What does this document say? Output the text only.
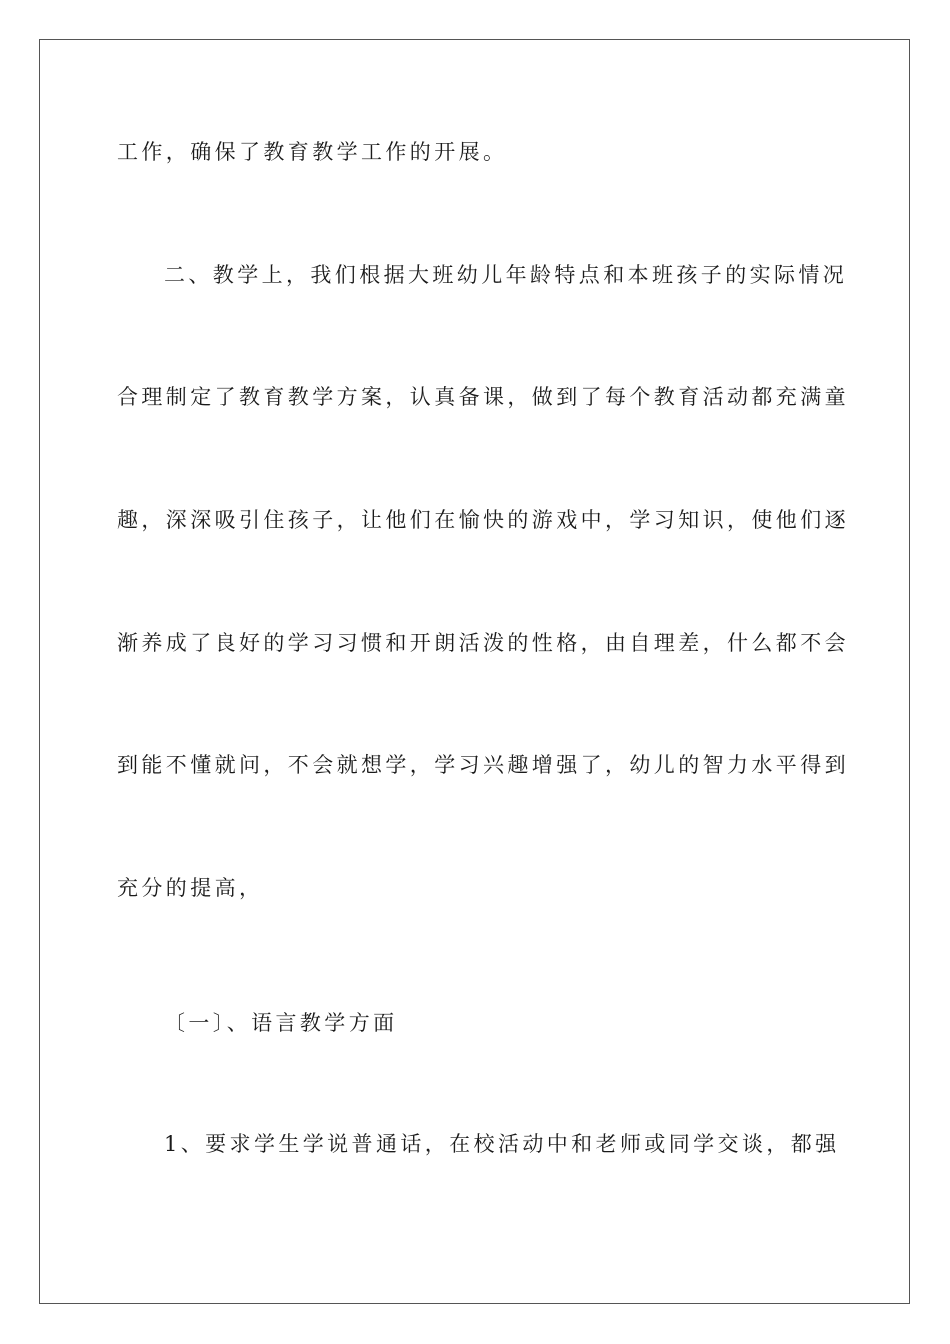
工作，确保了教育教学工作的开展。

二、教学上，我们根据大班幼儿年龄特点和本班孩子的实际情况

合理制定了教育教学方案，认真备课，做到了每个教育活动都充满童

趣，深深吸引住孩子，让他们在愉快的游戏中，学习知识，使他们逐

渐养成了良好的学习习惯和开朗活泼的性格，由自理差，什么都不会

到能不懂就问，不会就想学，学习兴趣增强了，幼儿的智力水平得到

充分的提高，

〔一〕、语言教学方面

1、要求学生学说普通话，在校活动中和老师或同学交谈，都强
